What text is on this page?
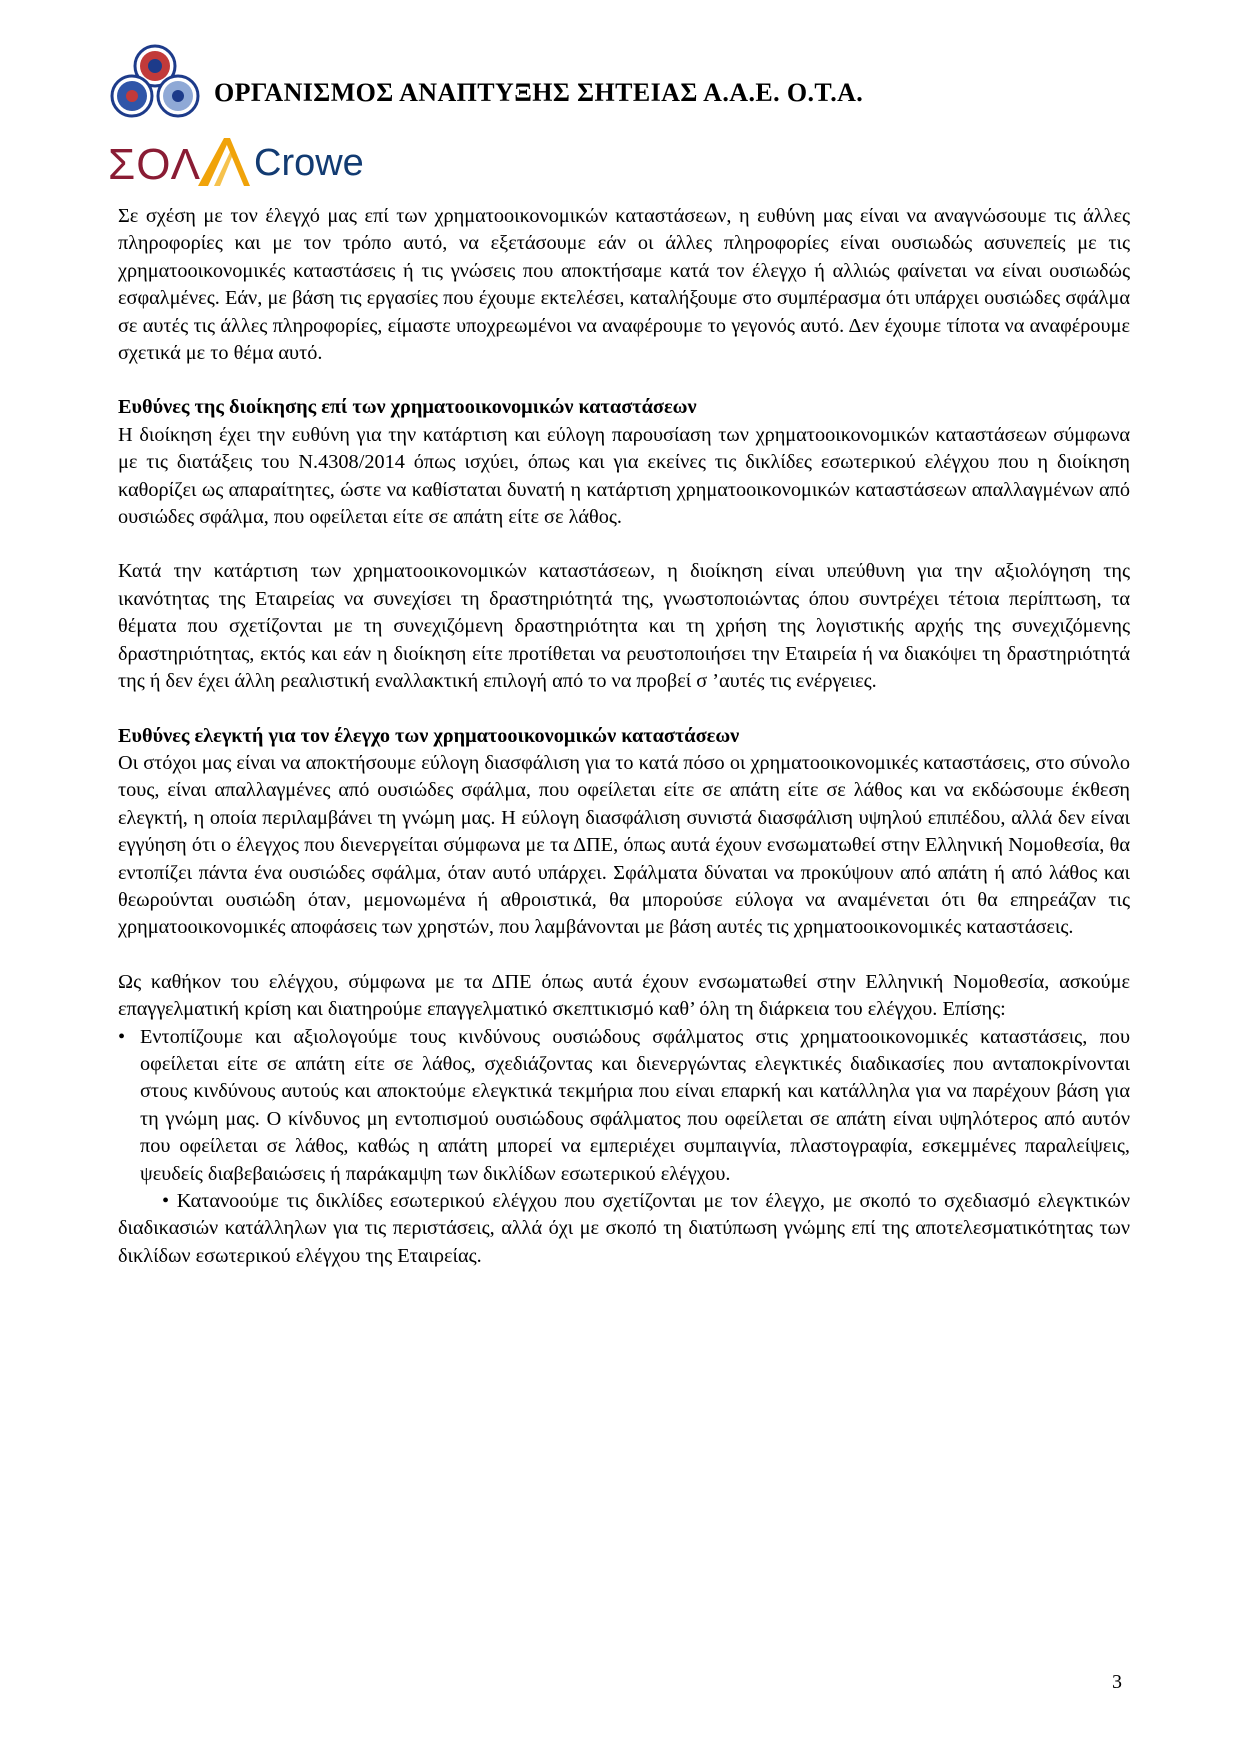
ΟΡΓΑΝΙΣΜΟΣ ΑΝΑΠΤΥΞΗΣ ΣΗΤΕΙΑΣ Α.Α.Ε. Ο.Τ.Α.
ΣΟΛ Crowe

Σε σχέση με τον έλεγχό μας επί των χρηματοοικονομικών καταστάσεων, η ευθύνη μας είναι να αναγνώσουμε τις άλλες πληροφορίες και με τον τρόπο αυτό, να εξετάσουμε εάν οι άλλες πληροφορίες είναι ουσιωδώς ασυνεπείς με τις χρηματοοικονομικές καταστάσεις ή τις γνώσεις που αποκτήσαμε κατά τον έλεγχο ή αλλιώς φαίνεται να είναι ουσιωδώς εσφαλμένες. Εάν, με βάση τις εργασίες που έχουμε εκτελέσει, καταλήξουμε στο συμπέρασμα ότι υπάρχει ουσιώδες σφάλμα σε αυτές τις άλλες πληροφορίες, είμαστε υποχρεωμένοι να αναφέρουμε το γεγονός αυτό. Δεν έχουμε τίποτα να αναφέρουμε σχετικά με το θέμα αυτό.

Ευθύνες της διοίκησης επί των χρηματοοικονομικών καταστάσεων

Η διοίκηση έχει την ευθύνη για την κατάρτιση και εύλογη παρουσίαση των χρηματοοικονομικών καταστάσεων σύμφωνα με τις διατάξεις του Ν.4308/2014 όπως ισχύει, όπως και για εκείνες τις δικλίδες εσωτερικού ελέγχου που η διοίκηση καθορίζει ως απαραίτητες, ώστε να καθίσταται δυνατή η κατάρτιση χρηματοοικονομικών καταστάσεων απαλλαγμένων από ουσιώδες σφάλμα, που οφείλεται είτε σε απάτη είτε σε λάθος.

Κατά την κατάρτιση των χρηματοοικονομικών καταστάσεων, η διοίκηση είναι υπεύθυνη για την αξιολόγηση της ικανότητας της Εταιρείας να συνεχίσει τη δραστηριότητά της, γνωστοποιώντας όπου συντρέχει τέτοια περίπτωση, τα θέματα που σχετίζονται με τη συνεχιζόμενη δραστηριότητα και τη χρήση της λογιστικής αρχής της συνεχιζόμενης δραστηριότητας, εκτός και εάν η διοίκηση είτε προτίθεται να ρευστοποιήσει την Εταιρεία ή να διακόψει τη δραστηριότητά της ή δεν έχει άλλη ρεαλιστική εναλλακτική επιλογή από το να προβεί σ ’αυτές τις ενέργειες.

Ευθύνες ελεγκτή για τον έλεγχο των χρηματοοικονομικών καταστάσεων

Οι στόχοι μας είναι να αποκτήσουμε εύλογη διασφάλιση για το κατά πόσο οι χρηματοοικονομικές καταστάσεις, στο σύνολο τους, είναι απαλλαγμένες από ουσιώδες σφάλμα, που οφείλεται είτε σε απάτη είτε σε λάθος και να εκδώσουμε έκθεση ελεγκτή, η οποία περιλαμβάνει τη γνώμη μας. Η εύλογη διασφάλιση συνιστά διασφάλιση υψηλού επιπέδου, αλλά δεν είναι εγγύηση ότι ο έλεγχος που διενεργείται σύμφωνα με τα ΔΠΕ, όπως αυτά έχουν ενσωματωθεί στην Ελληνική Νομοθεσία, θα εντοπίζει πάντα ένα ουσιώδες σφάλμα, όταν αυτό υπάρχει. Σφάλματα δύναται να προκύψουν από απάτη ή από λάθος και θεωρούνται ουσιώδη όταν, μεμονωμένα ή αθροιστικά, θα μπορούσε εύλογα να αναμένεται ότι θα επηρεάζαν τις χρηματοοικονομικές αποφάσεις των χρηστών, που λαμβάνονται με βάση αυτές τις χρηματοοικονομικές καταστάσεις.

Ως καθήκον του ελέγχου, σύμφωνα με τα ΔΠΕ όπως αυτά έχουν ενσωματωθεί στην Ελληνική Νομοθεσία, ασκούμε επαγγελματική κρίση και διατηρούμε επαγγελματικό σκεπτικισμό καθ’ όλη τη διάρκεια του ελέγχου. Επίσης:

• Εντοπίζουμε και αξιολογούμε τους κινδύνους ουσιώδους σφάλματος στις χρηματοοικονομικές καταστάσεις, που οφείλεται είτε σε απάτη είτε σε λάθος, σχεδιάζοντας και διενεργώντας ελεγκτικές διαδικασίες που ανταποκρίνονται στους κινδύνους αυτούς και αποκτούμε ελεγκτικά τεκμήρια που είναι επαρκή και κατάλληλα για να παρέχουν βάση για τη γνώμη μας. Ο κίνδυνος μη εντοπισμού ουσιώδους σφάλματος που οφείλεται σε απάτη είναι υψηλότερος από αυτόν που οφείλεται σε λάθος, καθώς η απάτη μπορεί να εμπεριέχει συμπαιγνία, πλαστογραφία, εσκεμμένες παραλείψεις, ψευδείς διαβεβαιώσεις ή παράκαμψη των δικλίδων εσωτερικού ελέγχου.
• Κατανοούμε τις δικλίδες εσωτερικού ελέγχου που σχετίζονται με τον έλεγχο, με σκοπό το σχεδιασμό ελεγκτικών διαδικασιών κατάλληλων για τις περιστάσεις, αλλά όχι με σκοπό τη διατύπωση γνώμης επί της αποτελεσματικότητας των δικλίδων εσωτερικού ελέγχου της Εταιρείας.
3
